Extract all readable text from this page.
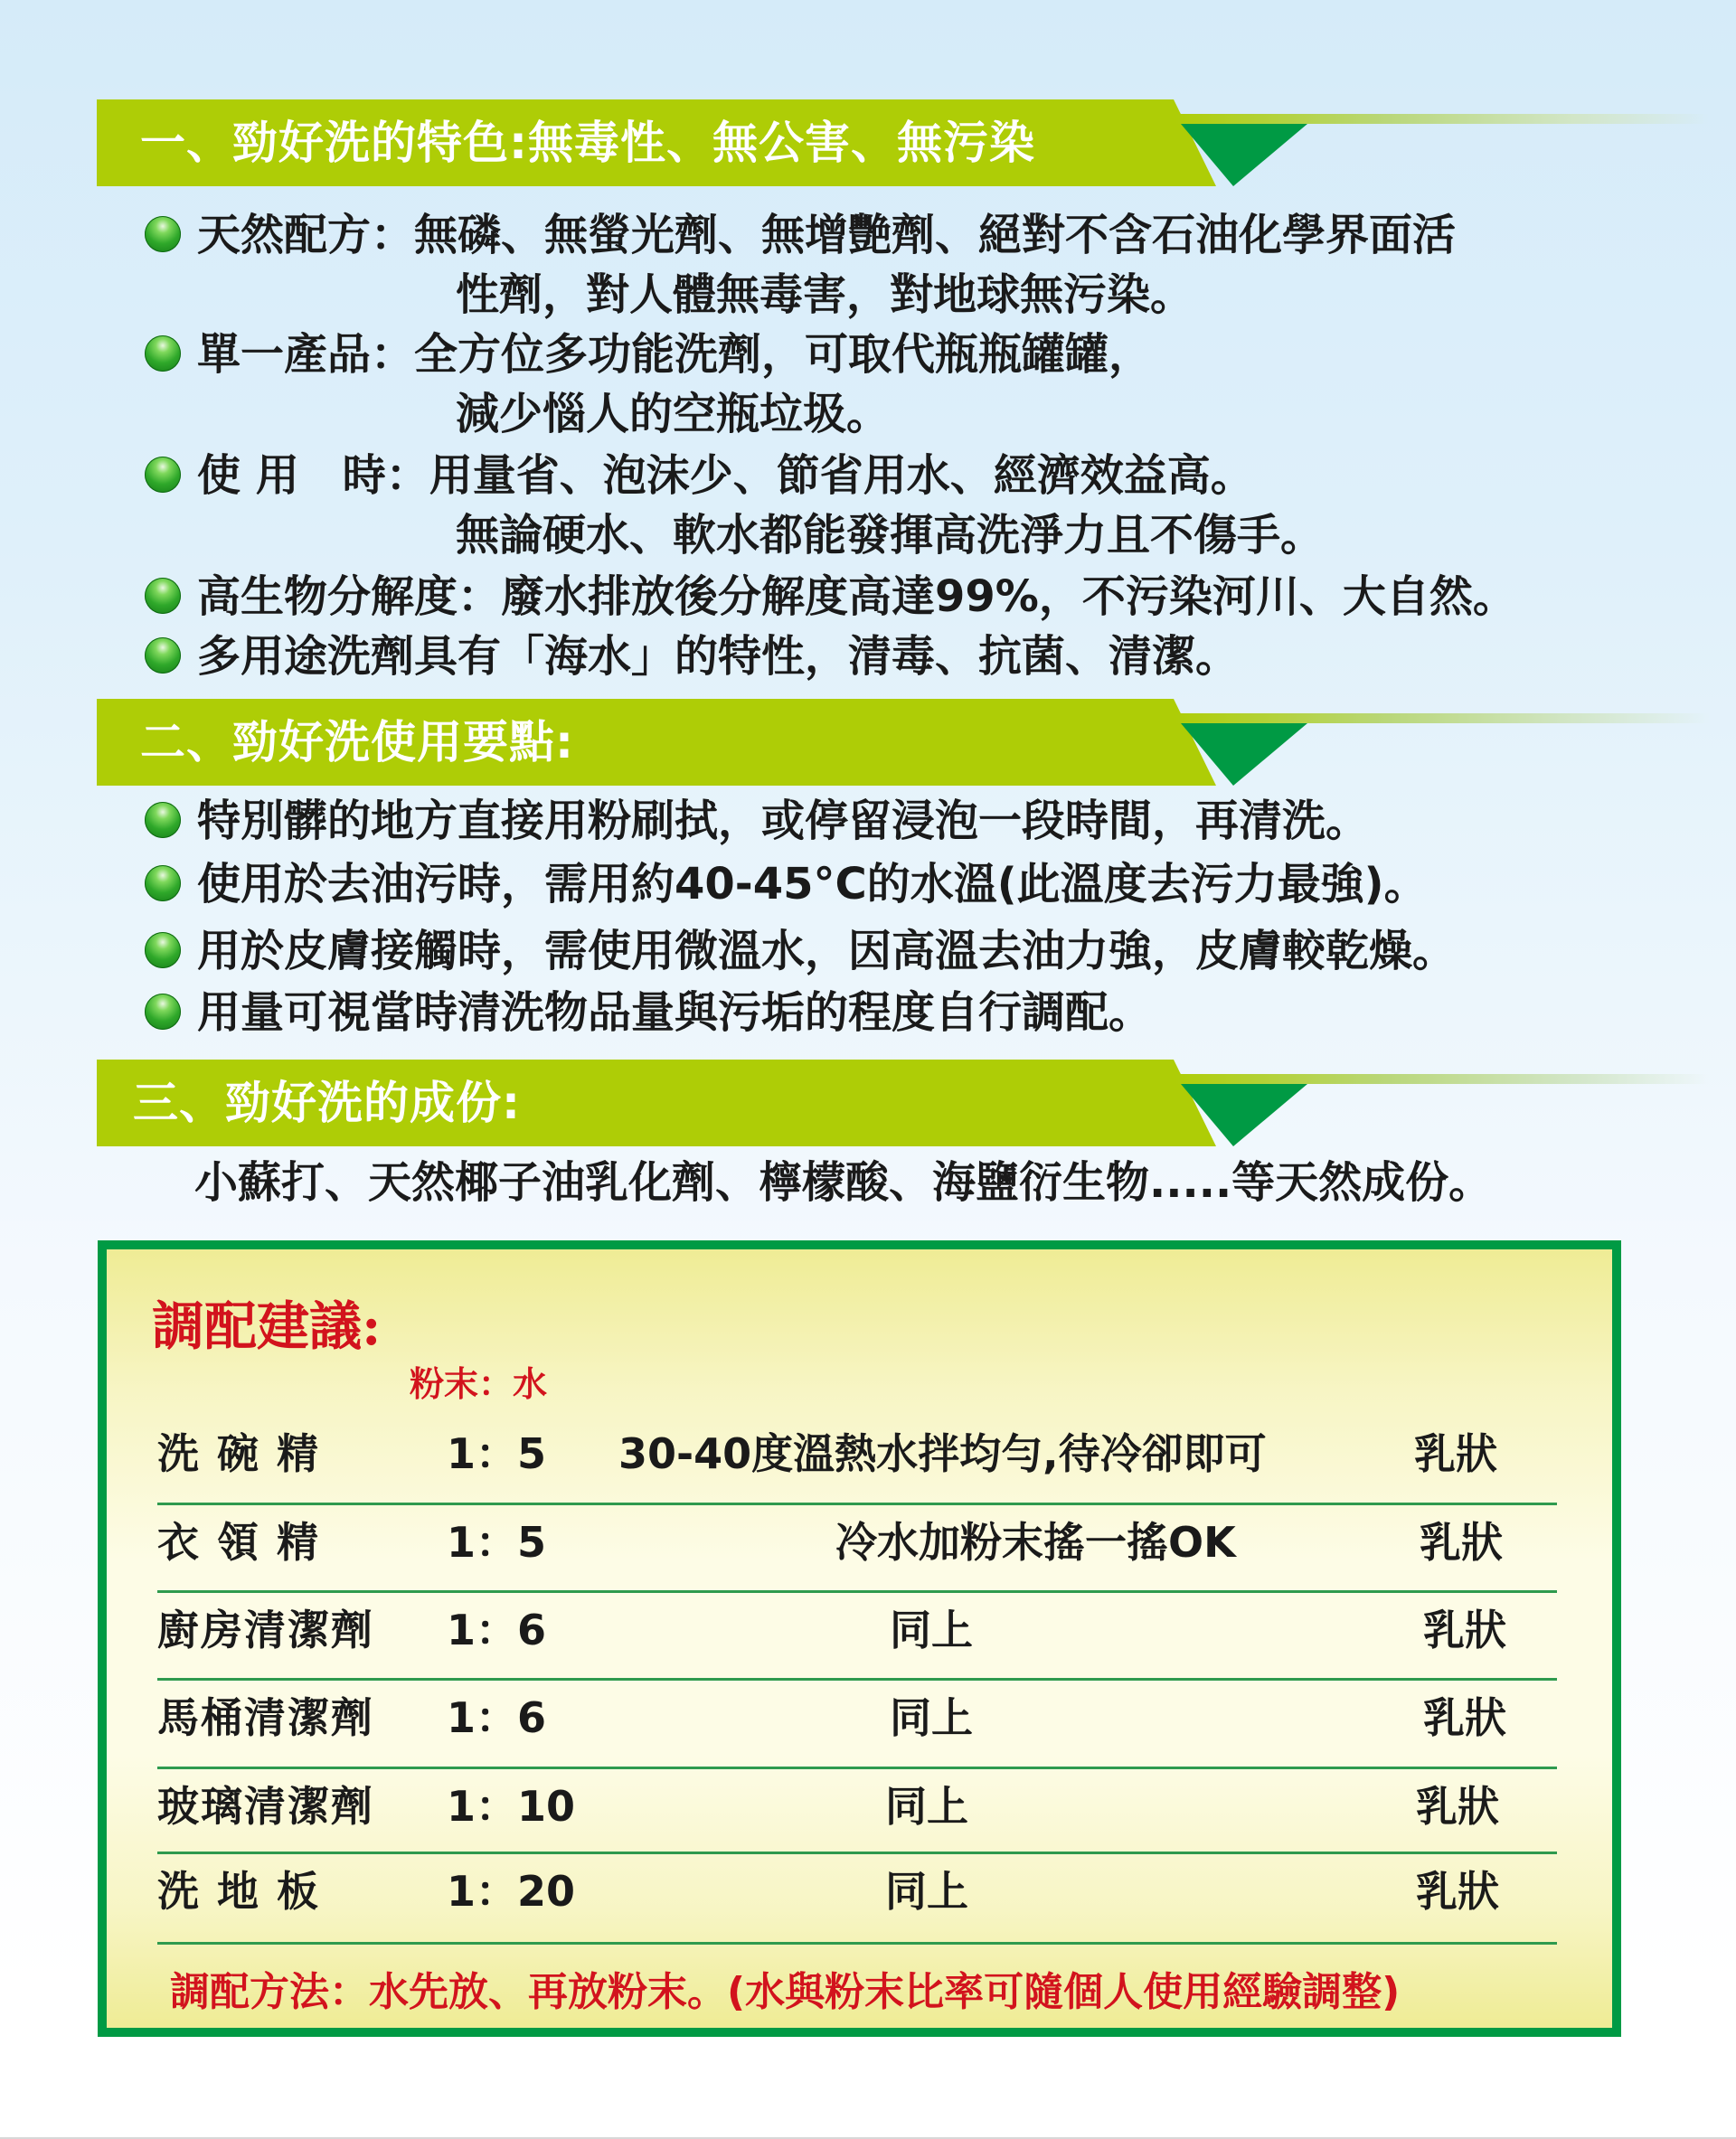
一、勁好洗的特色:無毒性、無公害、無污染
天然配方：無磷、無螢光劑、無增艷劑、絕對不含石油化學界面活
性劑，對人體無毒害，對地球無污染。
單一產品：全方位多功能洗劑，可取代瓶瓶罐罐，
減少惱人的空瓶垃圾。
使 用　時：用量省、泡沫少、節省用水、經濟效益高。
無論硬水、軟水都能發揮高洗淨力且不傷手。
高生物分解度：廢水排放後分解度高達99%，不污染河川、大自然。
多用途洗劑具有「海水」的特性，清毒、抗菌、清潔。
二、勁好洗使用要點:
特別髒的地方直接用粉刷拭，或停留浸泡一段時間，再清洗。
使用於去油污時，需用約40-45°C的水溫(此溫度去污力最強)。
用於皮膚接觸時，需使用微溫水，因高溫去油力強，皮膚較乾燥。
用量可視當時清洗物品量與污垢的程度自行調配。
三、勁好洗的成份:
小蘇打、天然椰子油乳化劑、檸檬酸、海鹽衍生物.....等天然成份。
調配建議:
粉末：水
洗 碗 精	1：5 30-40度溫熱水拌均勻,待冷卻即可	乳狀
衣 領 精	1：5	冷水加粉末搖一搖OK	乳狀
廚房清潔劑 1：6	同上	乳狀
馬桶清潔劑 1：6	同上	乳狀
玻璃清潔劑 1：10	同上	乳狀
洗 地 板	1：20	同上	乳狀
調配方法：水先放、再放粉末。(水與粉末比率可隨個人使用經驗調整)
